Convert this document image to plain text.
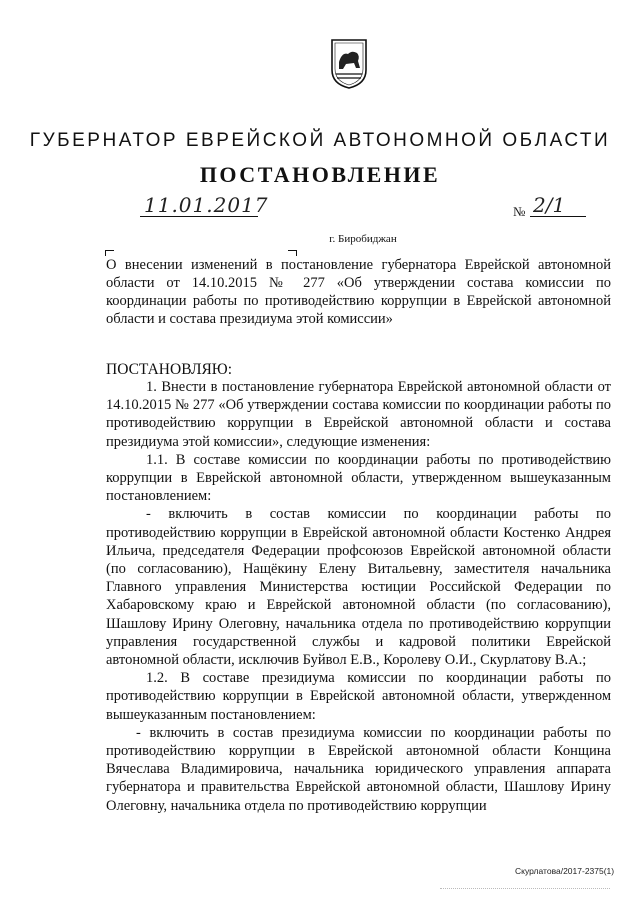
ГУБЕРНАТОР ЕВРЕЙСКОЙ АВТОНОМНОЙ ОБЛАСТИ
ПОСТАНОВЛЕНИЕ
11.01.2017	№ 2/1
г. Биробиджан
О внесении изменений в постановление губернатора Еврейской автономной области от 14.10.2015 № 277 «Об утверждении состава комиссии по координации работы по противодействию коррупции в Еврейской автономной области и состава президиума этой комиссии»
ПОСТАНОВЛЯЮ:

1. Внести в постановление губернатора Еврейской автономной области от 14.10.2015 № 277 «Об утверждении состава комиссии по координации работы по противодействию коррупции в Еврейской автономной области и состава президиума этой комиссии», следующие изменения:

1.1. В составе комиссии по координации работы по противодействию коррупции в Еврейской автономной области, утвержденном вышеуказанным постановлением:

- включить в состав комиссии по координации работы по противодействию коррупции в Еврейской автономной области Костенко Андрея Ильича, председателя Федерации профсоюзов Еврейской автономной области (по согласованию), Нащёкину Елену Витальевну, заместителя начальника Главного управления Министерства юстиции Российской Федерации по Хабаровскому краю и Еврейской автономной области (по согласованию), Шашлову Ирину Олеговну, начальника отдела по противодействию коррупции управления государственной службы и кадровой политики Еврейской автономной области, исключив Буйвол Е.В., Королеву О.И., Скурлатову В.А.;

1.2. В составе президиума комиссии по координации работы по противодействию коррупции в Еврейской автономной области, утвержденном вышеуказанным постановлением:

- включить в состав президиума комиссии по координации работы по противодействию коррупции в Еврейской автономной области Конщина Вячеслава Владимировича, начальника юридического управления аппарата губернатора и правительства Еврейской автономной области, Шашлову Ирину Олеговну, начальника отдела по противодействию коррупции

Скурлатова/2017-2375(1)
